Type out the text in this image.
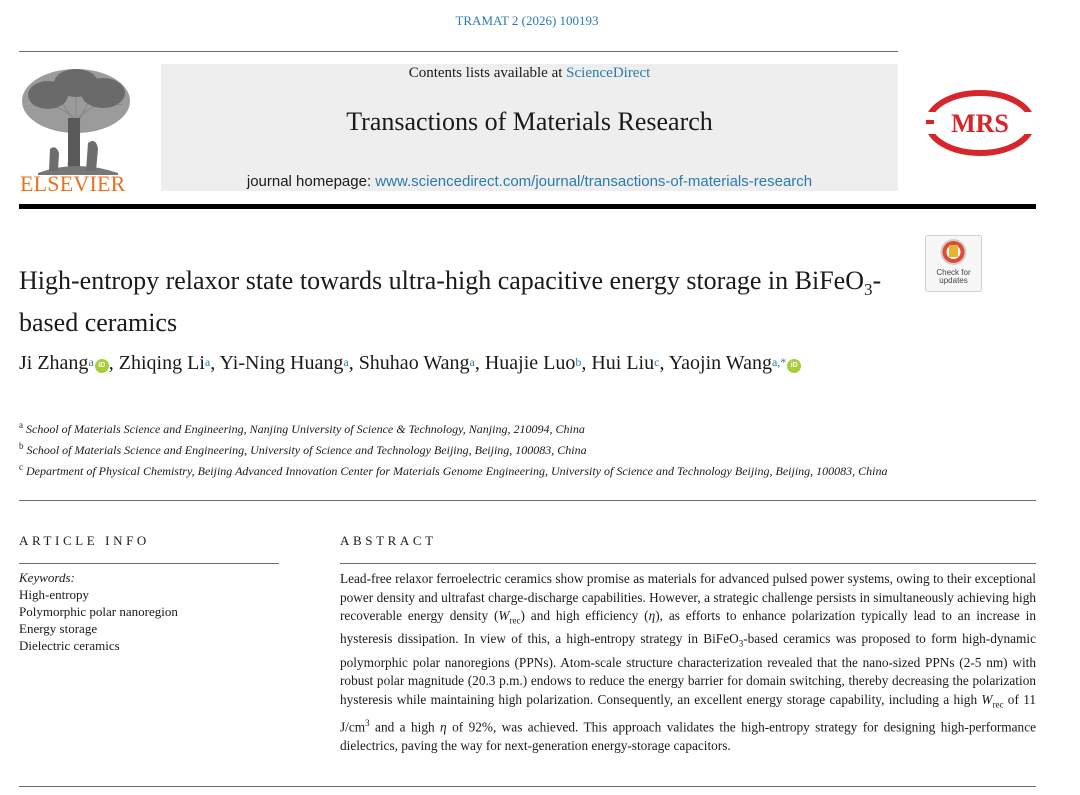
TRAMAT 2 (2026) 100193
ELSEVIER
Contents lists available at ScienceDirect
Transactions of Materials Research
journal homepage: www.sciencedirect.com/journal/transactions-of-materials-research
MRS
Check for
updates
High-entropy relaxor state towards ultra-high capacitive energy storage in BiFeO$_3$-based ceramics
Ji Zhang$^a$ iD , Zhiqing Li$^a$, Yi-Ning Huang$^a$, Shuhao Wang$^a$, Huajie Luo$^b$, Hui Liu$^c$, Yaojin Wang$^{a,*}$ iD
$^a$ School of Materials Science and Engineering, Nanjing University of Science & Technology, Nanjing, 210094, China
$^b$ School of Materials Science and Engineering, University of Science and Technology Beijing, Beijing, 100083, China
$^c$ Department of Physical Chemistry, Beijing Advanced Innovation Center for Materials Genome Engineering, University of Science and Technology Beijing, Beijing, 100083, China
ARTICLE INFO	ABSTRACT
Keywords:
High-entropy
Polymorphic polar nanoregion
Energy storage
Dielectric ceramics
Lead-free relaxor ferroelectric ceramics show promise as materials for advanced pulsed power systems, owing to their exceptional power density and ultrafast charge-discharge capabilities. However, a strategic challenge persists in simultaneously achieving high recoverable energy density $(W_{rec})$ and high efficiency (η), as efforts to enhance polarization typically lead to an increase in hysteresis dissipation. In view of this, a high-entropy strategy in BiFeO$_3$-based ceramics was proposed to form high-dynamic polymorphic polar nanoregions (PPNs). Atom-scale structure characterization revealed that the nano-sized PPNs (2-5 nm) with robust polar magnitude (20.3 p.m.) endows to reduce the energy barrier for domain switching, thereby decreasing the polarization hysteresis while maintaining high polarization. Consequently, an excellent energy storage capability, including a high $W_{rec}$ of 11 $J/cm^3$ and a high η of 92%, was achieved. This approach validates the high-entropy strategy for designing high-performance dielectrics, paving the way for next-generation energy-storage capacitors.
